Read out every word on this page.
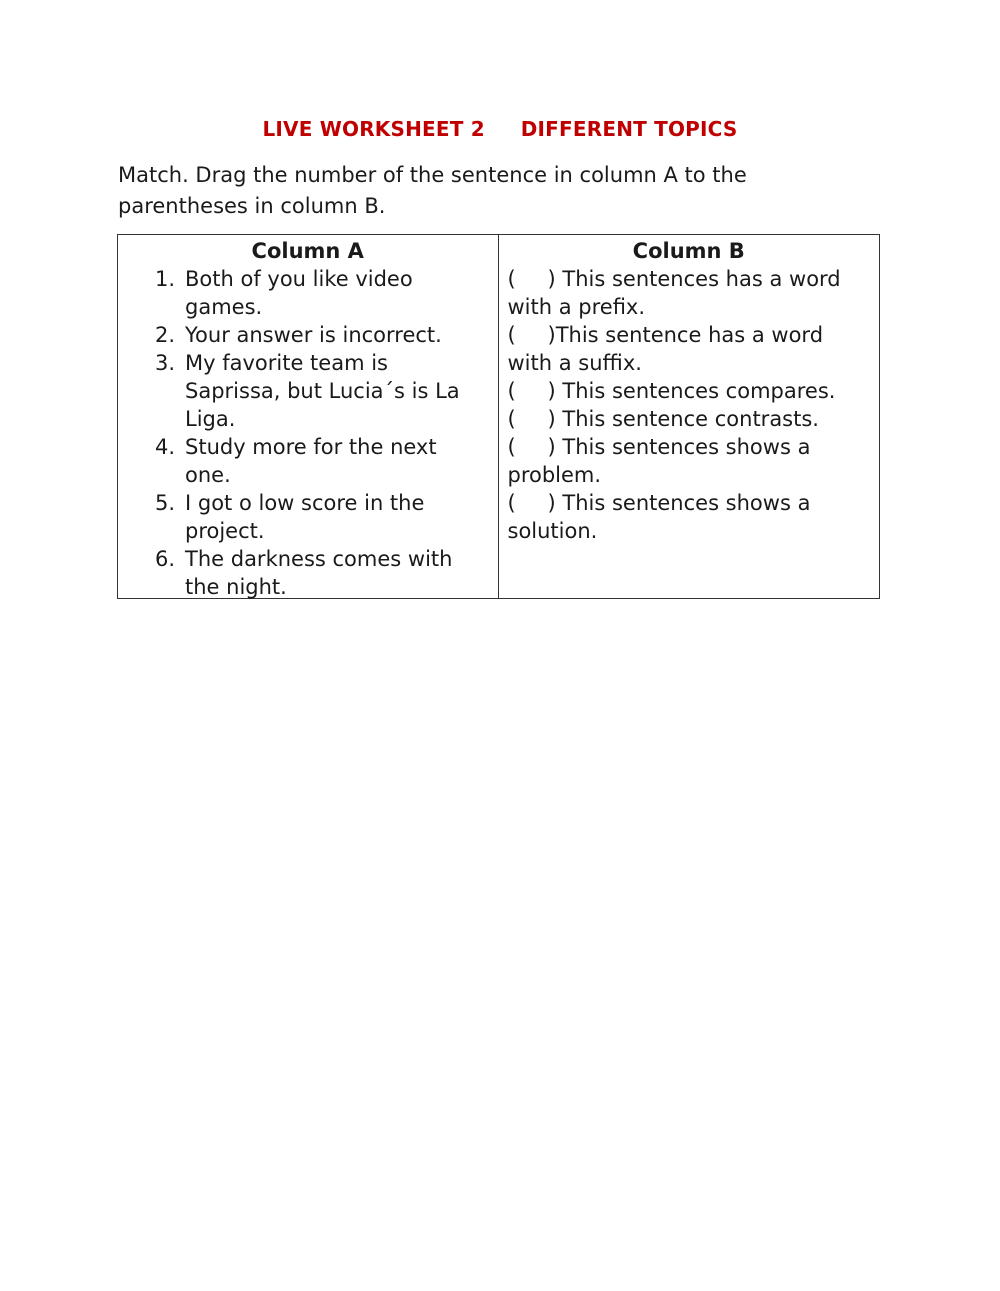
LIVE WORKSHEET 2     DIFFERENT TOPICS

Match. Drag the number of the sentence in column A to the parentheses in column B.

Column A
1. Both of you like video games.
2. Your answer is incorrect.
3. My favorite team is Saprissa, but Lucia´s is La Liga.
4. Study more for the next one.
5. I got o low score in the project.
6. The darkness comes with the night.
Column B
( ) This sentences has a word with a prefix.
( )This sentence has a word with a suffix.
( ) This sentences compares.
( ) This sentence contrasts.
( ) This sentences shows a problem.
( ) This sentences shows a solution.
